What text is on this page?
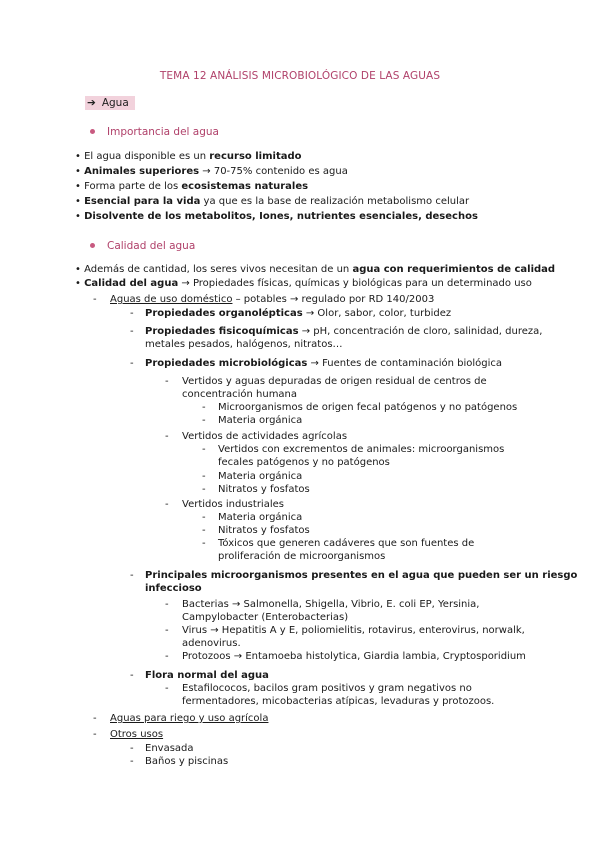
TEMA 12 ANÁLISIS MICROBIOLÓGICO DE LAS AGUAS
➔ Agua
Importancia del agua
• El agua disponible es un recurso limitado
• Animales superiores → 70-75% contenido es agua
• Forma parte de los ecosistemas naturales
• Esencial para la vida ya que es la base de realización metabolismo celular
• Disolvente de los metabolitos, Iones, nutrientes esenciales, desechos
Calidad del agua
• Además de cantidad, los seres vivos necesitan de un agua con requerimientos de calidad
• Calidad del agua → Propiedades físicas, químicas y biológicas para un determinado uso
- Aguas de uso doméstico – potables → regulado por RD 140/2003
- Propiedades organolépticas → Olor, sabor, color, turbidez
- Propiedades fisicoquímicas → pH, concentración de cloro, salinidad, dureza,
metales pesados, halógenos, nitratos…
- Propiedades microbiológicas → Fuentes de contaminación biológica
- Vertidos y aguas depuradas de origen residual de centros de
concentración humana
- Microorganismos de origen fecal patógenos y no patógenos
- Materia orgánica
- Vertidos de actividades agrícolas
- Vertidos con excrementos de animales: microorganismos
fecales patógenos y no patógenos
- Materia orgánica
- Nitratos y fosfatos
- Vertidos industriales
- Materia orgánica
- Nitratos y fosfatos
- Tóxicos que generen cadáveres que son fuentes de
proliferación de microorganismos
- Principales microorganismos presentes en el agua que pueden ser un riesgo
infeccioso
- Bacterias → Salmonella, Shigella, Vibrio, E. coli EP, Yersinia,
Campylobacter (Enterobacterias)
- Virus → Hepatitis A y E, poliomielitis, rotavirus, enterovirus, norwalk,
adenovirus.
- Protozoos → Entamoeba histolytica, Giardia lambia, Cryptosporidium
- Flora normal del agua
- Estafilococos, bacilos gram positivos y gram negativos no
fermentadores, micobacterias atípicas, levaduras y protozoos.
- Aguas para riego y uso agrícola
- Otros usos
- Envasada
- Baños y piscinas
